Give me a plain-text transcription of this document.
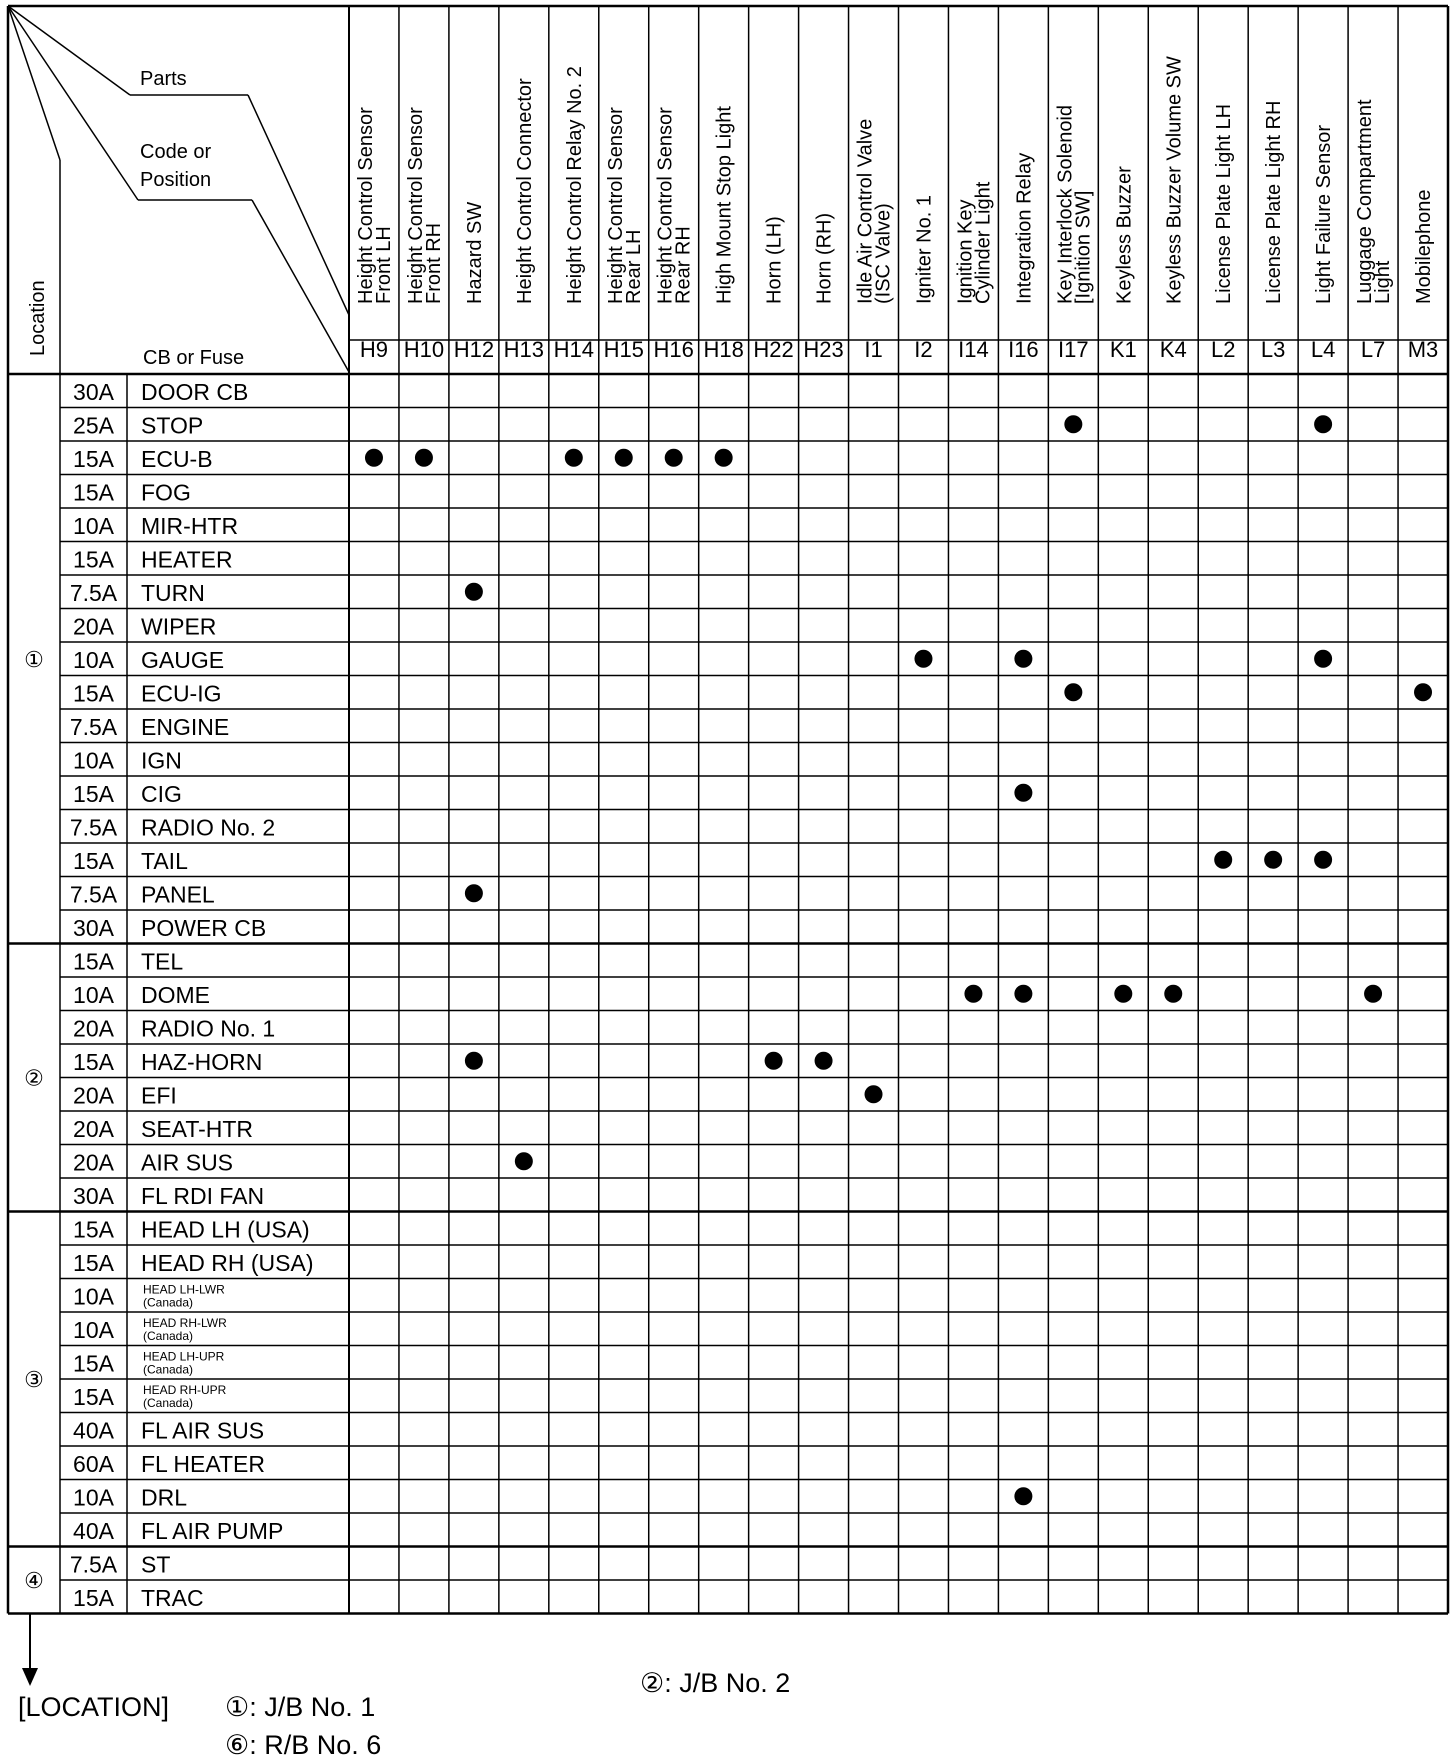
Parts
Code or
Position
CB or Fuse
Location
Height Control Sensor
Front LH
H9
Height Control Sensor
Front RH
H10
Hazard SW
H12
Height Control Connector
H13
Height Control Relay No. 2
H14
Height Control Sensor
Rear LH
H15
Height Control Sensor
Rear RH
H16
High Mount Stop Light
H18
Horn (LH)
H22
Horn (RH)
H23
Idle Air Control Valve
(ISC Valve)
I1
Igniter No. 1
I2
Ignition Key
Cylinder Light
I14
Integration Relay
I16
Key Interlock Solenoid
[Ignition SW]
I17
Keyless Buzzer
K1
Keyless Buzzer Volume SW
K4
License Plate Light LH
L2
License Plate Light RH
L3
Light Failure Sensor
L4
Luggage Compartment
Light
L7
Mobilephone
M3
①
30A DOOR CB
25A STOP
15A ECU-B
15A FOG
10A MIR-HTR
15A HEATER
7.5A TURN
20A WIPER
10A GAUGE
15A ECU-IG
7.5A ENGINE
10A IGN
15A CIG
7.5A RADIO No. 2
15A TAIL
7.5A PANEL
30A POWER CB
②
15A TEL
10A DOME
20A RADIO No. 1
15A HAZ-HORN
20A EFI
20A SEAT-HTR
20A AIR SUS
30A FL RDI FAN
③
15A HEAD LH (USA)
15A HEAD RH (USA)
10A HEAD LH-LWR
(Canada)
10A HEAD RH-LWR
(Canada)
15A HEAD LH-UPR
(Canada)
15A HEAD RH-UPR
(Canada)
40A FL AIR SUS
60A FL HEATER
10A DRL
40A FL AIR PUMP
④
7.5A ST
15A TRAC
[LOCATION] ①: J/B No. 1
⑥: R/B No. 6
②: J/B No. 2
